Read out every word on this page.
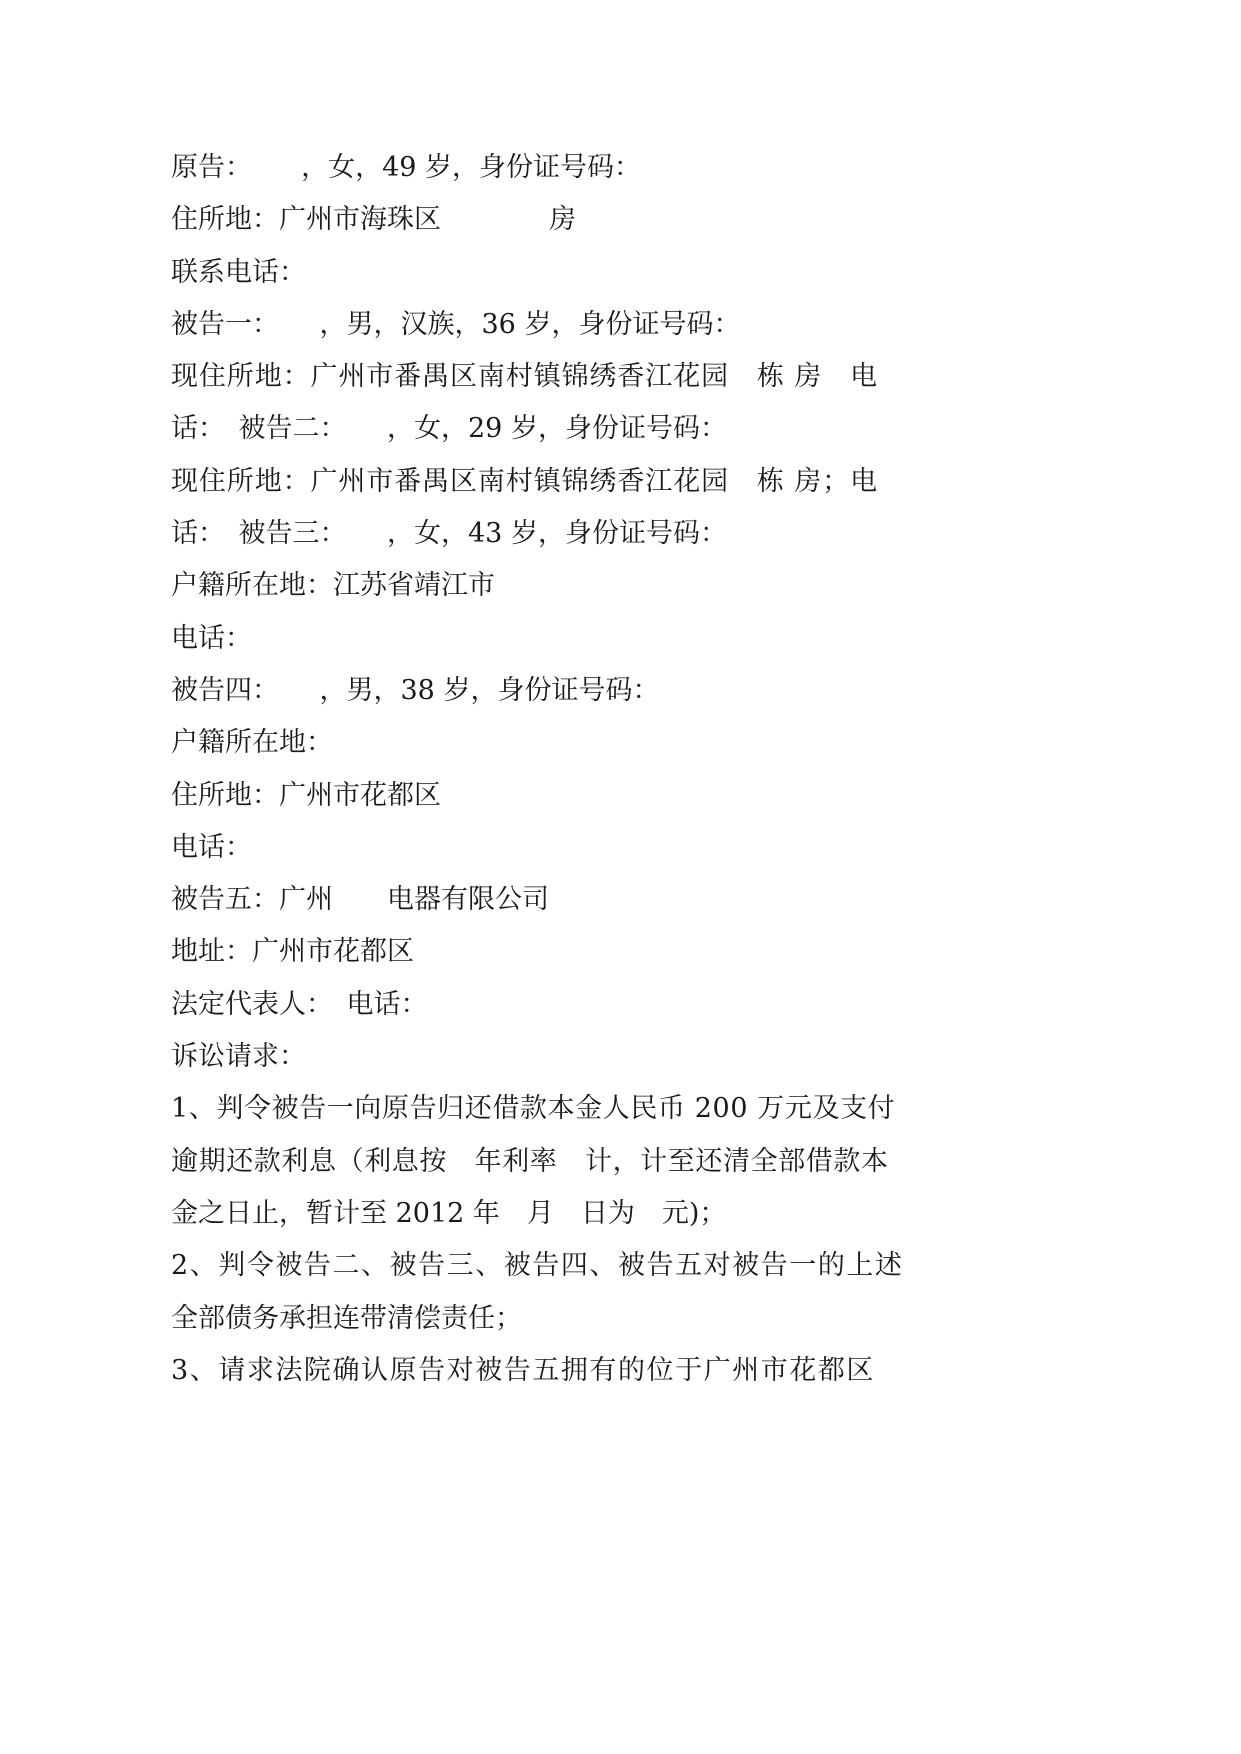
原告：　　 ，女，49 岁，身份证号码：
住所地：广州市海珠区　　　　房
联系电话：
被告一：　　，男，汉族，36 岁，身份证号码：
现住所地：广州市番禺区南村镇锦绣香江花园　栋 房　电
话：　被告二：　　，女，29 岁，身份证号码：
现住所地：广州市番禺区南村镇锦绣香江花园　栋 房；电
话：　被告三：　　，女，43 岁，身份证号码：
户籍所在地：江苏省靖江市
电话：
被告四：　　，男，38 岁，身份证号码：
户籍所在地：
住所地：广州市花都区
电话：
被告五：广州　　电器有限公司
地址：广州市花都区
法定代表人：　电话：
诉讼请求：
1、判令被告一向原告归还借款本金人民币 200 万元及支付
逾期还款利息（利息按　年利率　计，计至还清全部借款本
金之日止，暂计至 2012 年　月　日为　元)；
2、判令被告二、被告三、被告四、被告五对被告一的上述
全部债务承担连带清偿责任；
3、请求法院确认原告对被告五拥有的位于广州市花都区
